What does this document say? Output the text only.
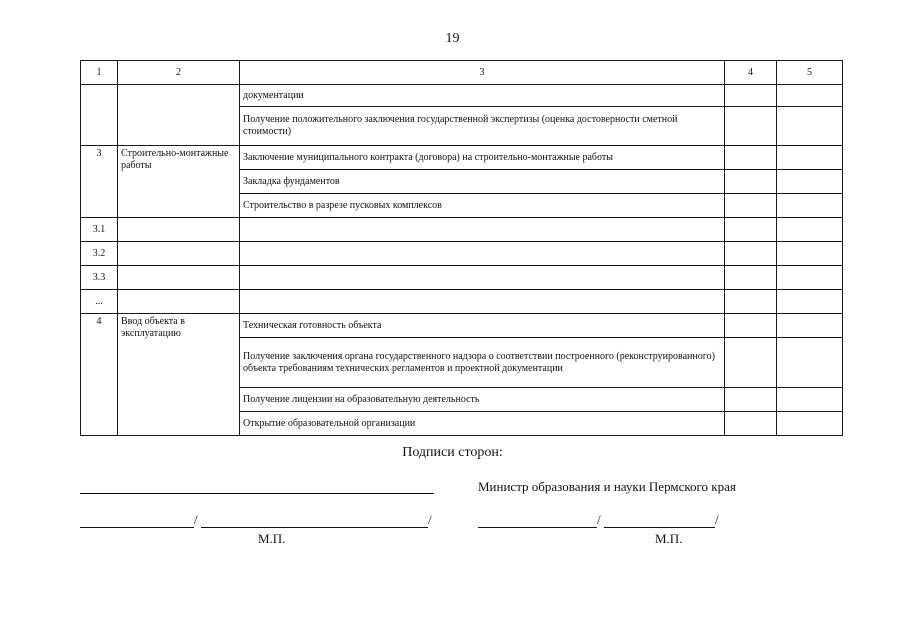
19
1	2	3	4	5
		документации		
		Получение положительного заключения государственной экспертизы (оценка достоверности сметной стоимости)		
3	Строительно-монтажные работы	Заключение муниципального контракта (договора) на строительно-монтажные работы		
		Закладка фундаментов		
		Строительство в разрезе пусковых комплексов		
3.1				
3.2				
3.3				
...				
4	Ввод объекта в эксплуатацию	Техническая готовность объекта		
		Получение заключения органа государственного надзора о соответствии построенного (реконструированного) объекта требованиям технических регламентов и проектной документации		
		Получение лицензии на образовательную деятельность		
		Открытие образовательной организации		
Подписи сторон:
Министр образования и науки Пермского края
/	/	/	/
М.П.	М.П.
